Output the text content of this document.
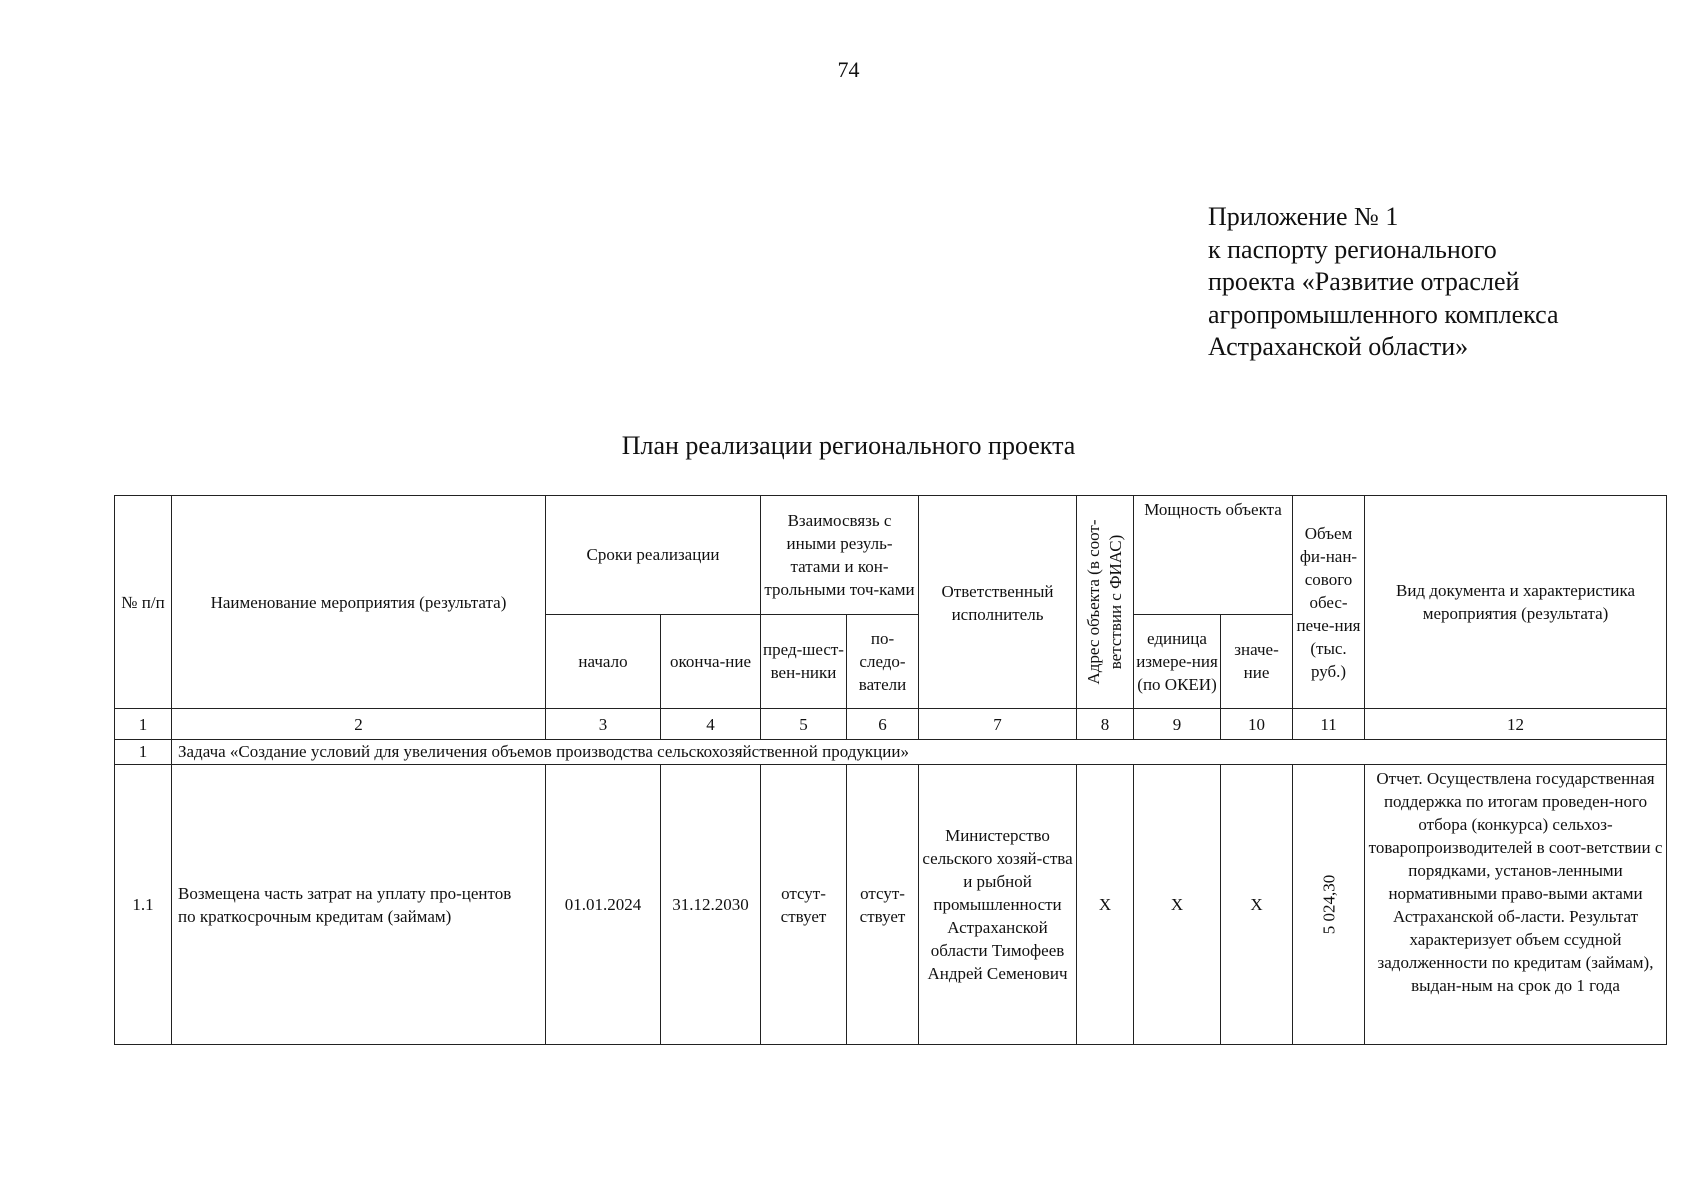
74
Приложение № 1
к паспорту регионального
проекта «Развитие отраслей
агропромышленного комплекса
Астраханской области»
План реализации регионального проекта
№ п/п	Наименование мероприятия (результата)	Сроки реализации		Взаимосвязь с иными резуль-татами и кон-трольными точ-ками		Ответственный исполнитель	Адрес объекта (в соот-ветствии с ФИАС)	Мощность объекта		Объем фи-нан-сового обес-пече-ния (тыс. руб.)	Вид документа и характеристика мероприятия (результата)
		начало	оконча-ние	пред-шест-вен-ники	по-следо-ватели			единица измере-ния (по ОКЕИ)	значе-ние		
1	2	3	4	5	6	7	8	9	10	11	12
1	Задача «Создание условий для увеличения объемов производства сельскохозяйственной продукции»										
1.1	Возмещена часть затрат на уплату про-центов по краткосрочным кредитам (займам)	01.01.2024	31.12.2030	отсут-ствует	отсут-ствует	Министерство сельского хозяй-ства и рыбной промышленности Астраханской области Тимофеев Андрей Семенович	X	X	X	5 024,30	Отчет. Осуществлена государственная поддержка по итогам проведен-ного отбора (конкурса) сельхоз-товаропроизводителей в соот-ветствии с порядками, установ-ленными нормативными право-выми актами Астраханской об-ласти. Результат характеризует объем ссудной задолженности по кредитам (займам), выдан-ным на срок до 1 года
